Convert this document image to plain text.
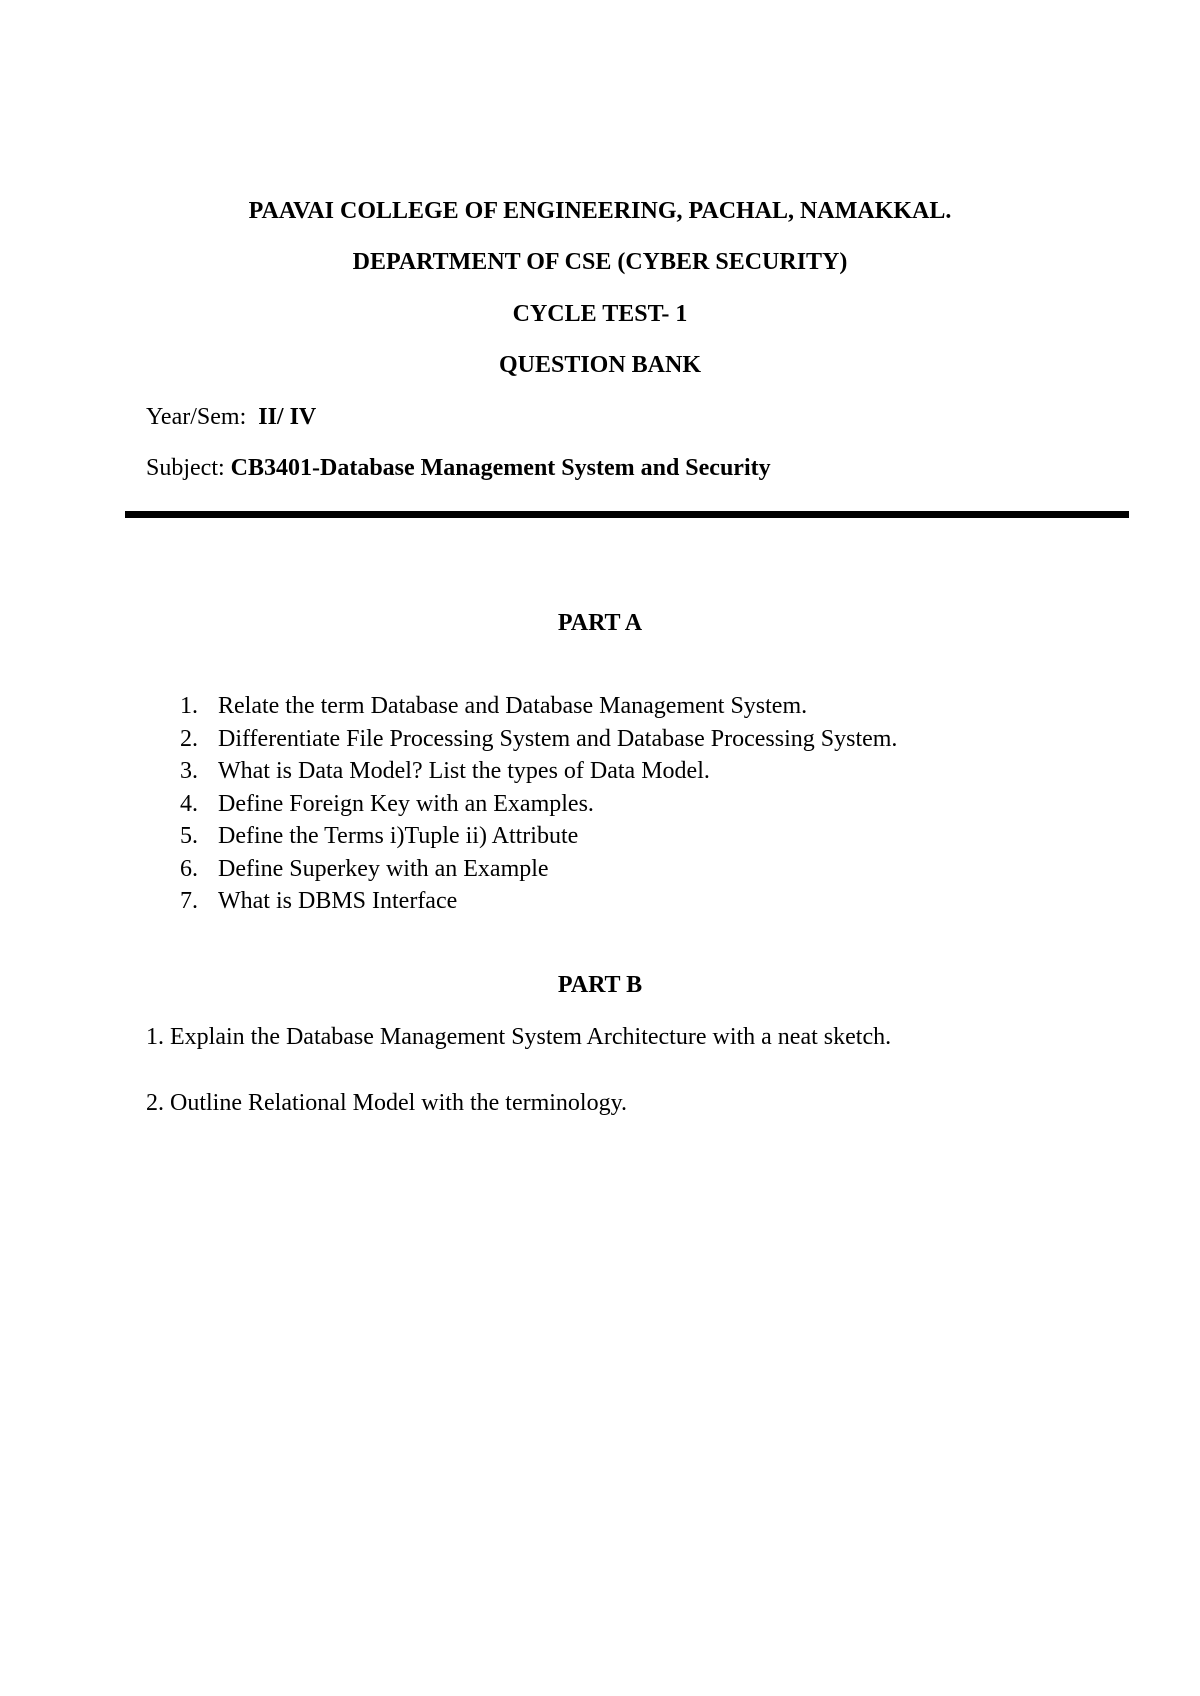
PAAVAI COLLEGE OF ENGINEERING, PACHAL, NAMAKKAL.
DEPARTMENT OF CSE (CYBER SECURITY)
CYCLE TEST- 1
QUESTION BANK
Year/Sem: II/ IV
Subject: CB3401-Database Management System and Security
PART A
1. Relate the term Database and Database Management System.
2. Differentiate File Processing System and Database Processing System.
3. What is Data Model? List the types of Data Model.
4. Define Foreign Key with an Examples.
5. Define the Terms i)Tuple ii) Attribute
6. Define Superkey with an Example
7. What is DBMS Interface
PART B
1. Explain the Database Management System Architecture with a neat sketch.
2. Outline Relational Model with the terminology.
